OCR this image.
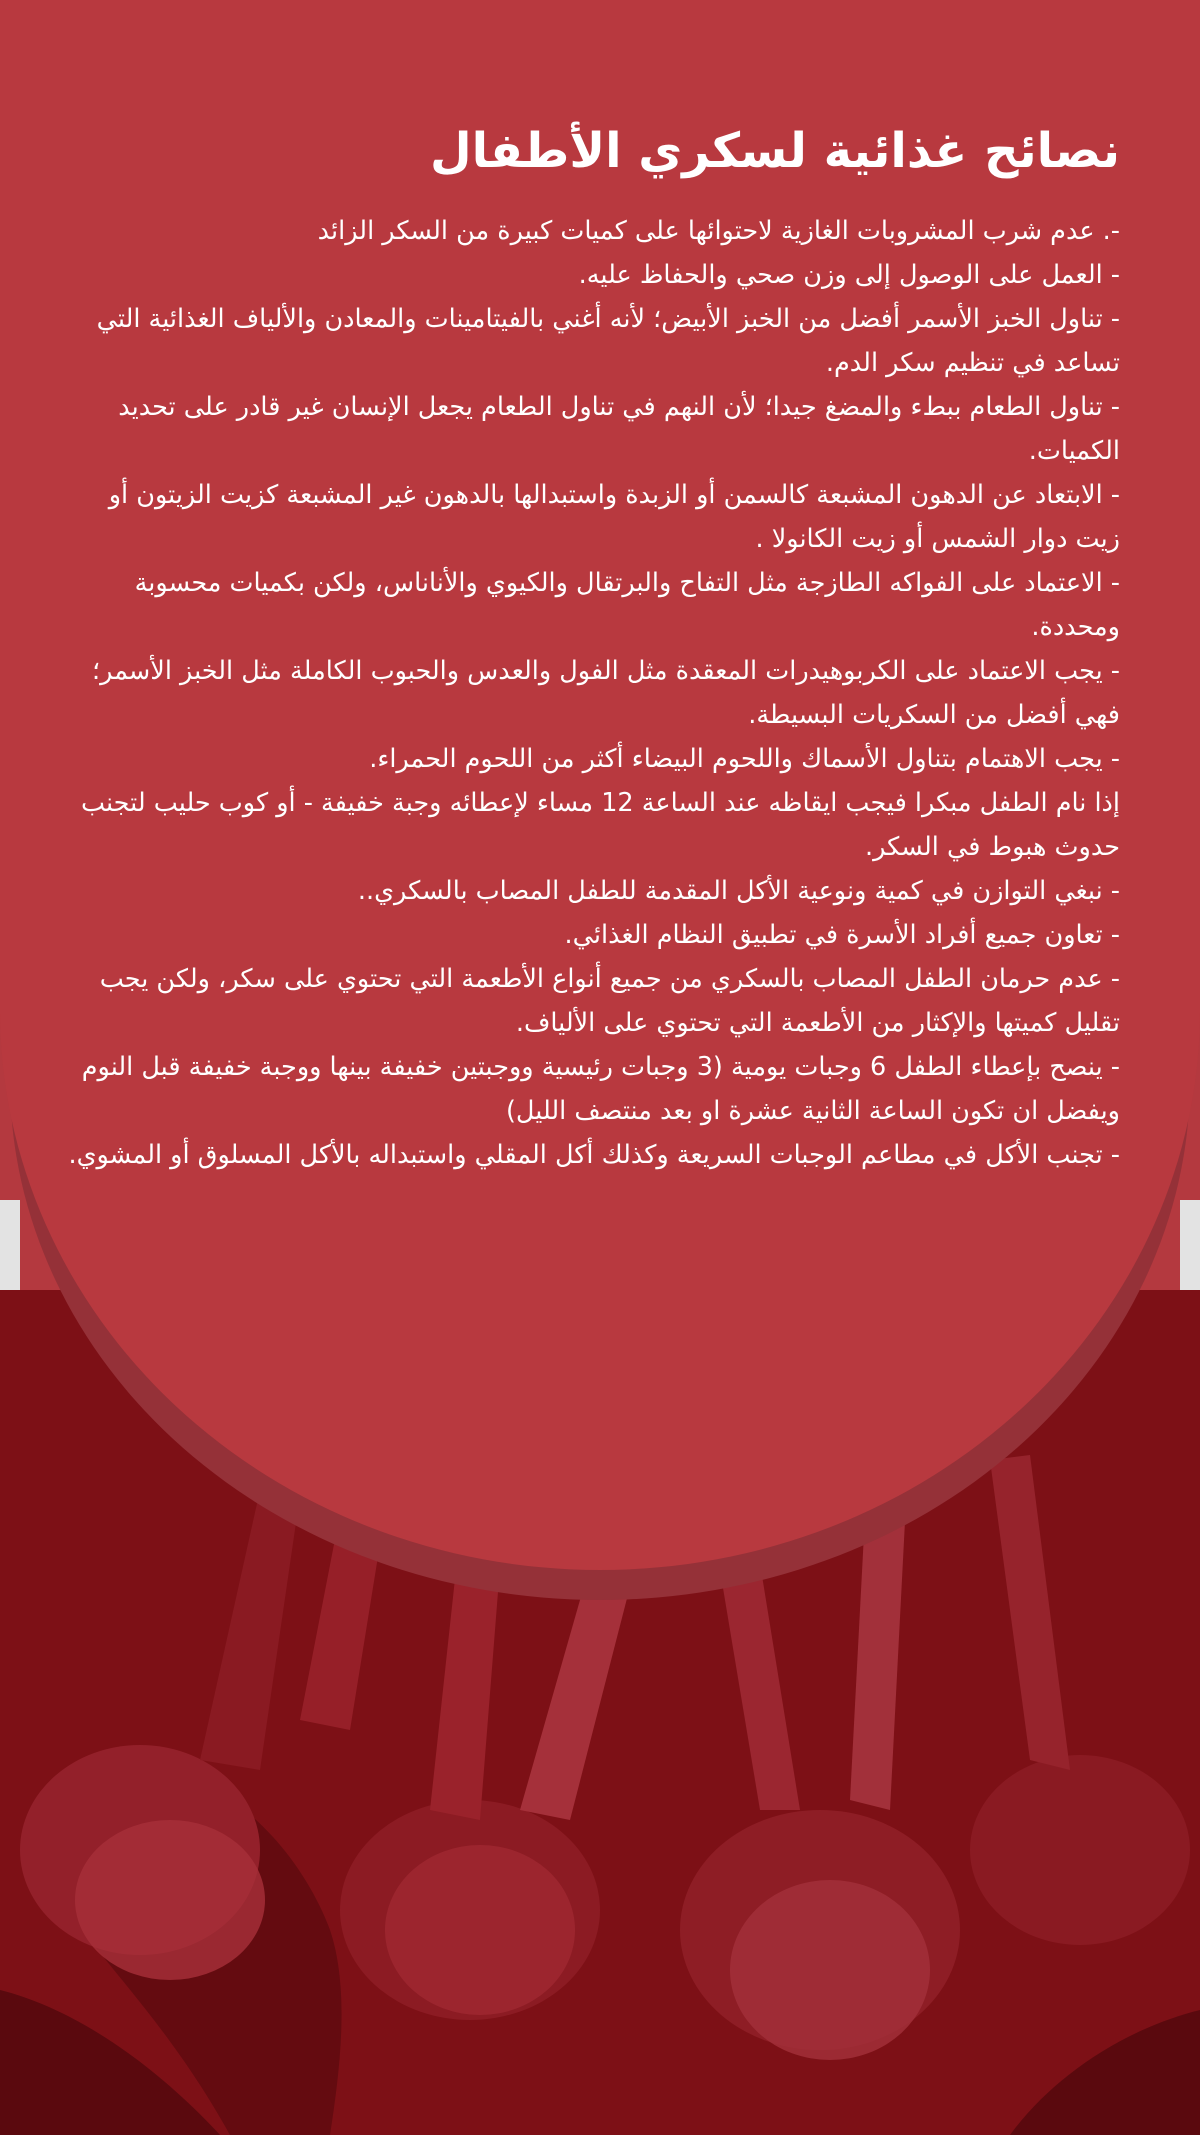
نصائح غذائية لسكري الأطفال
-. عدم شرب المشروبات الغازية لاحتوائها على كميات كبيرة من السكر الزائد
- العمل على الوصول إلى وزن صحي والحفاظ عليه.
- تناول الخبز الأسمر أفضل من الخبز الأبيض؛ لأنه أغني بالفيتامينات والمعادن والألياف الغذائية التي تساعد في تنظيم سكر الدم.
- تناول الطعام ببطء والمضغ جيدا؛ لأن النهم في تناول الطعام يجعل الإنسان غير قادر على تحديد الكميات.
- الابتعاد عن الدهون المشبعة كالسمن أو الزبدة واستبدالها بالدهون غير المشبعة كزيت الزيتون أو زيت دوار الشمس أو زيت الكانولا .
- الاعتماد على الفواكه الطازجة مثل التفاح والبرتقال والكيوي والأناناس، ولكن بكميات محسوبة ومحددة.
- يجب الاعتماد على الكربوهيدرات المعقدة مثل الفول والعدس والحبوب الكاملة مثل الخبز الأسمر؛ فهي أفضل من السكريات البسيطة.
- يجب الاهتمام بتناول الأسماك واللحوم البيضاء أكثر من اللحوم الحمراء.
إذا نام الطفل مبكرا فيجب ايقاظه عند الساعة 12 مساء لإعطائه وجبة خفيفة - أو كوب حليب لتجنب حدوث هبوط في السكر.
- نبغي التوازن في كمية ونوعية الأكل المقدمة للطفل المصاب بالسكري..
- تعاون جميع أفراد الأسرة في تطبيق النظام الغذائي.
- عدم حرمان الطفل المصاب بالسكري من جميع أنواع الأطعمة التي تحتوي على سكر، ولكن يجب تقليل كميتها والإكثار من الأطعمة التي تحتوي على الألياف.
- ينصح بإعطاء الطفل 6 وجبات يومية (3 وجبات رئيسية ووجبتين خفيفة بينها ووجبة خفيفة قبل النوم ويفضل ان تكون الساعة الثانية عشرة او بعد منتصف الليل)
- تجنب الأكل في مطاعم الوجبات السريعة وكذلك أكل المقلي واستبداله بالأكل المسلوق أو المشوي.
